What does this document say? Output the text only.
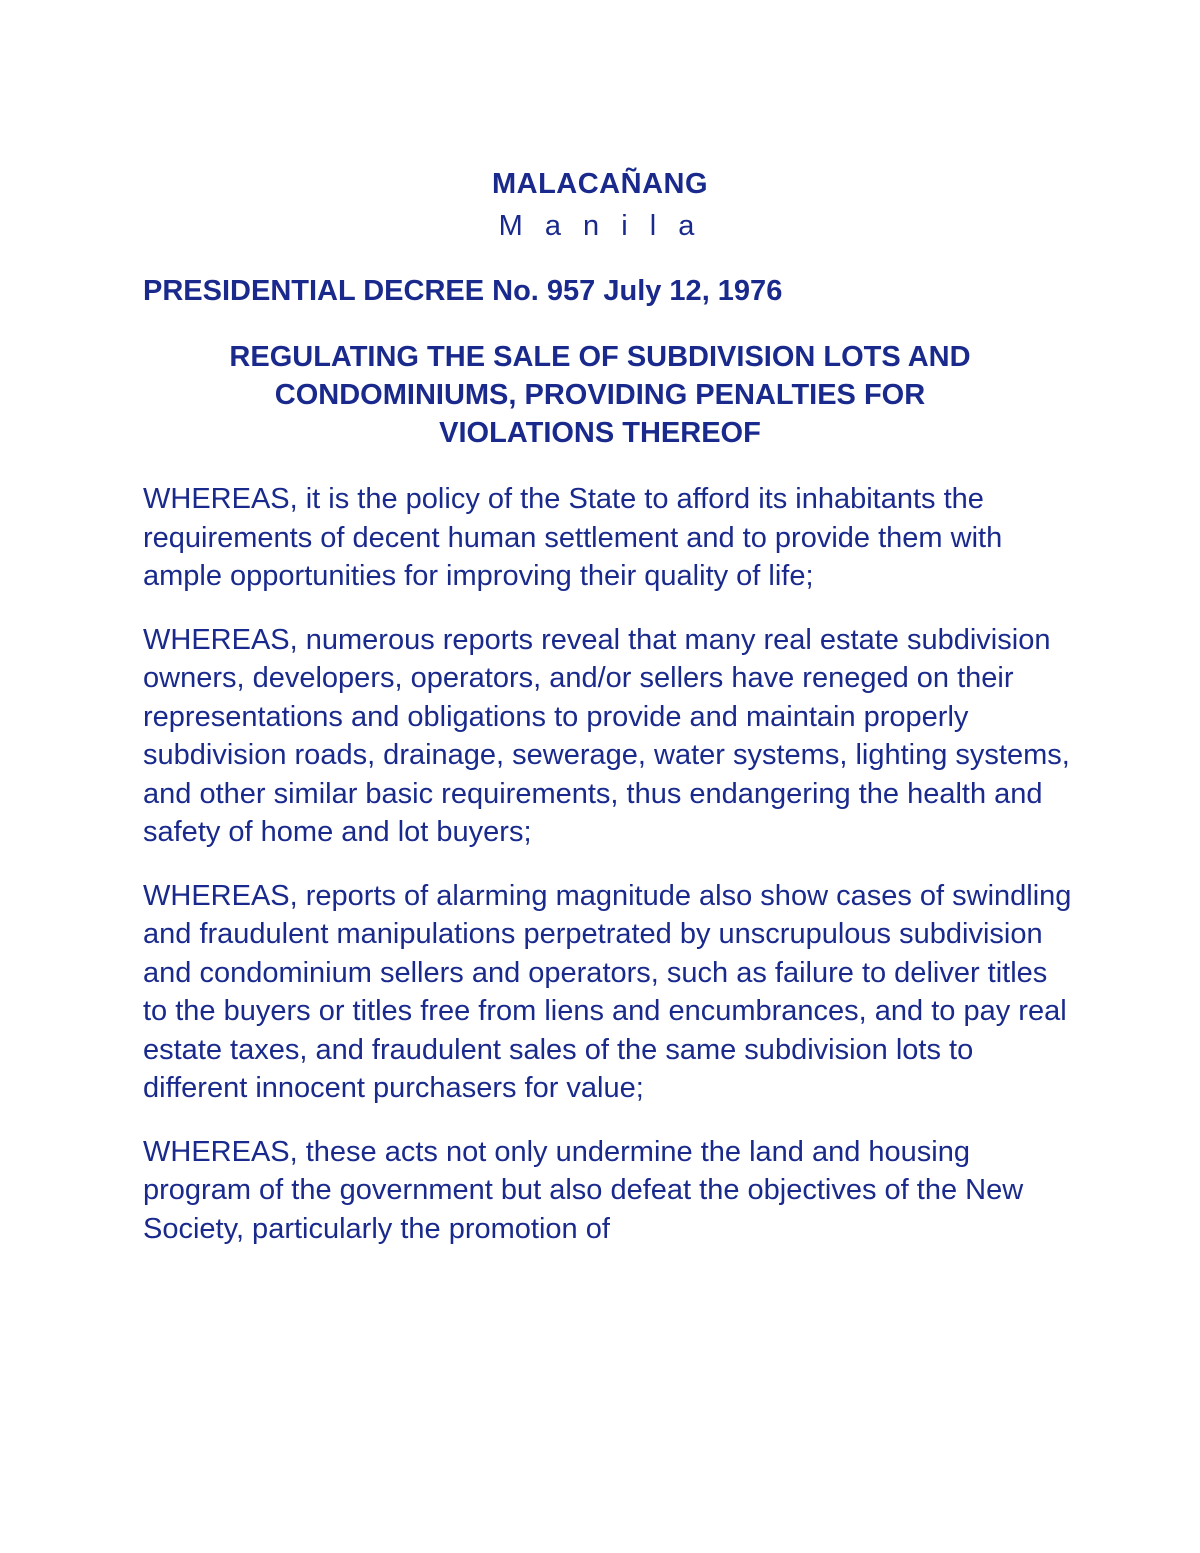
MALACAÑANG
M a n i l a
PRESIDENTIAL DECREE No. 957 July 12, 1976
REGULATING THE SALE OF SUBDIVISION LOTS AND
CONDOMINIUMS, PROVIDING PENALTIES FOR
VIOLATIONS THEREOF

WHEREAS, it is the policy of the State to afford its inhabitants the requirements of decent human settlement and to provide them with ample opportunities for improving their quality of life;

WHEREAS, numerous reports reveal that many real estate subdivision owners, developers, operators, and/or sellers have reneged on their representations and obligations to provide and maintain properly subdivision roads, drainage, sewerage, water systems, lighting systems, and other similar basic requirements, thus endangering the health and safety of home and lot buyers;

WHEREAS, reports of alarming magnitude also show cases of swindling and fraudulent manipulations perpetrated by unscrupulous subdivision and condominium sellers and operators, such as failure to deliver titles to the buyers or titles free from liens and encumbrances, and to pay real estate taxes, and fraudulent sales of the same subdivision lots to different innocent purchasers for value;

WHEREAS, these acts not only undermine the land and housing program of the government but also defeat the objectives of the New Society, particularly the promotion of
